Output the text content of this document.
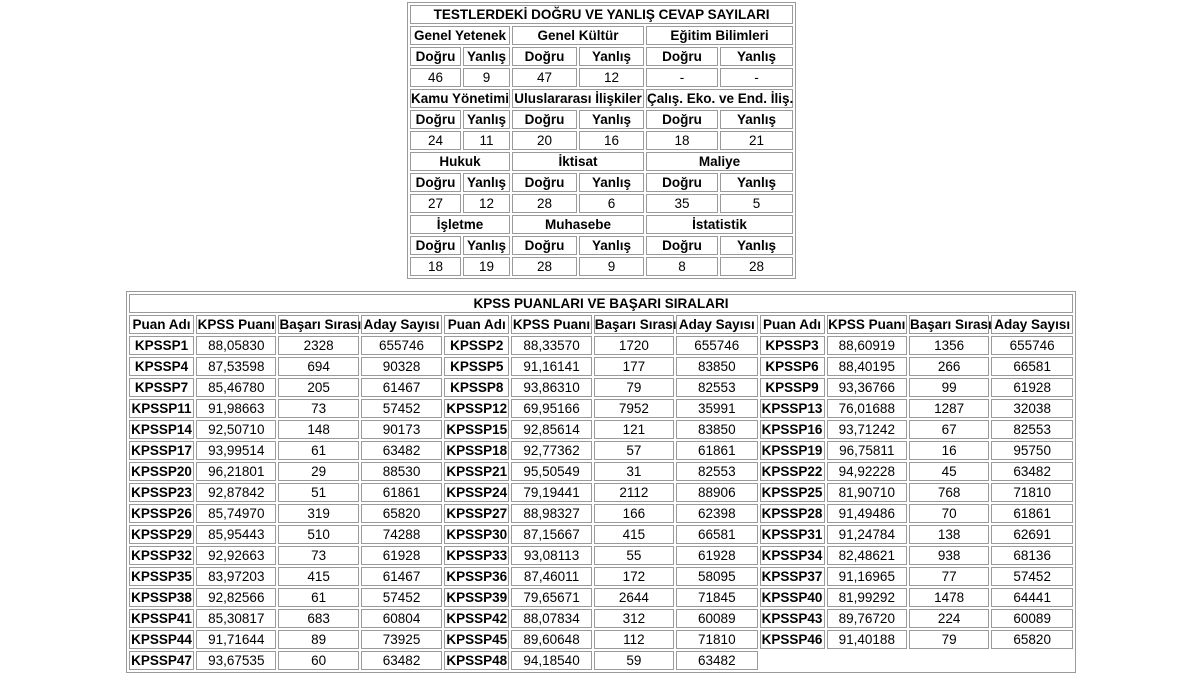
TESTLERDEKİ DOĞRU VE YANLIŞ CEVAP SAYILARI					
Genel Yetenek		Genel Kültür		Eğitim Bilimleri	
Doğru	Yanlış	Doğru	Yanlış	Doğru	Yanlış
46	9	47	12	-	-
Kamu Yönetimi		Uluslararası İlişkiler		Çalış. Eko. ve End. İliş.	
Doğru	Yanlış	Doğru	Yanlış	Doğru	Yanlış
24	11	20	16	18	21
Hukuk		İktisat		Maliye	
Doğru	Yanlış	Doğru	Yanlış	Doğru	Yanlış
27	12	28	6	35	5
İşletme		Muhasebe		İstatistik	
Doğru	Yanlış	Doğru	Yanlış	Doğru	Yanlış
18	19	28	9	8	28
KPSS PUANLARI VE BAŞARI SIRALARI											
Puan Adı	KPSS Puanı	Başarı Sırası	Aday Sayısı	Puan Adı	KPSS Puanı	Başarı Sırası	Aday Sayısı	Puan Adı	KPSS Puanı	Başarı Sırası	Aday Sayısı
KPSSP1	88,05830	2328	655746	KPSSP2	88,33570	1720	655746	KPSSP3	88,60919	1356	655746
KPSSP4	87,53598	694	90328	KPSSP5	91,16141	177	83850	KPSSP6	88,40195	266	66581
KPSSP7	85,46780	205	61467	KPSSP8	93,86310	79	82553	KPSSP9	93,36766	99	61928
KPSSP11	91,98663	73	57452	KPSSP12	69,95166	7952	35991	KPSSP13	76,01688	1287	32038
KPSSP14	92,50710	148	90173	KPSSP15	92,85614	121	83850	KPSSP16	93,71242	67	82553
KPSSP17	93,99514	61	63482	KPSSP18	92,77362	57	61861	KPSSP19	96,75811	16	95750
KPSSP20	96,21801	29	88530	KPSSP21	95,50549	31	82553	KPSSP22	94,92228	45	63482
KPSSP23	92,87842	51	61861	KPSSP24	79,19441	2112	88906	KPSSP25	81,90710	768	71810
KPSSP26	85,74970	319	65820	KPSSP27	88,98327	166	62398	KPSSP28	91,49486	70	61861
KPSSP29	85,95443	510	74288	KPSSP30	87,15667	415	66581	KPSSP31	91,24784	138	62691
KPSSP32	92,92663	73	61928	KPSSP33	93,08113	55	61928	KPSSP34	82,48621	938	68136
KPSSP35	83,97203	415	61467	KPSSP36	87,46011	172	58095	KPSSP37	91,16965	77	57452
KPSSP38	92,82566	61	57452	KPSSP39	79,65671	2644	71845	KPSSP40	81,99292	1478	64441
KPSSP41	85,30817	683	60804	KPSSP42	88,07834	312	60089	KPSSP43	89,76720	224	60089
KPSSP44	91,71644	89	73925	KPSSP45	89,60648	112	71810	KPSSP46	91,40188	79	65820
KPSSP47	93,67535	60	63482	KPSSP48	94,18540	59	63482				
